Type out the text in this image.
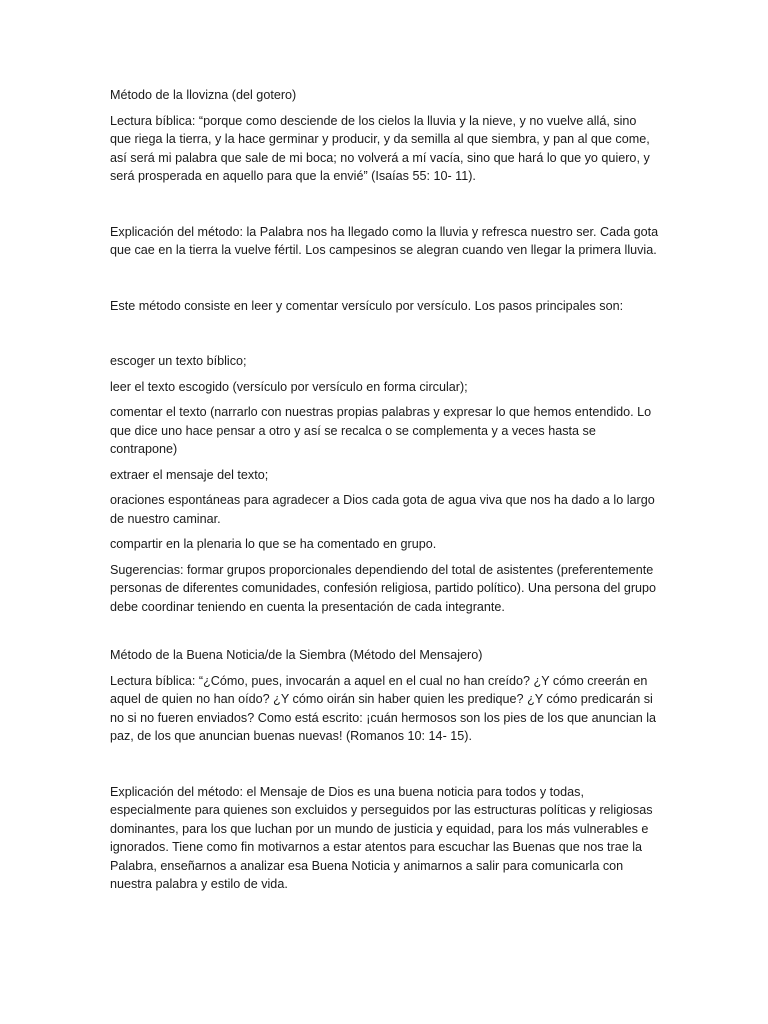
Método de la llovizna (del gotero)

Lectura bíblica: “porque como desciende de los cielos la lluvia y la nieve, y no vuelve allá, sino que riega la tierra, y la hace germinar y producir, y da semilla al que siembra, y pan al que come, así será mi palabra que sale de mi boca; no volverá a mí vacía, sino que hará lo que yo quiero, y será prosperada en aquello para que la envié” (Isaías 55: 10- 11).

Explicación del método: la Palabra nos ha llegado como la lluvia y refresca nuestro ser. Cada gota que cae en la tierra la vuelve fértil. Los campesinos se alegran cuando ven llegar la primera lluvia.

Este método consiste en leer y comentar versículo por versículo. Los pasos principales son:

escoger un texto bíblico;

leer el texto escogido (versículo por versículo en forma circular);

comentar el texto (narrarlo con nuestras propias palabras y expresar lo que hemos entendido. Lo que dice uno hace pensar a otro y así se recalca o se complementa y a veces hasta se contrapone)

extraer el mensaje del texto;

oraciones espontáneas para agradecer a Dios cada gota de agua viva que nos ha dado a lo largo de nuestro caminar.

compartir en la plenaria lo que se ha comentado en grupo.

Sugerencias: formar grupos proporcionales dependiendo del total de asistentes (preferentemente personas de diferentes comunidades, confesión religiosa, partido político). Una persona del grupo debe coordinar teniendo en cuenta la presentación de cada integrante.

Método de la Buena Noticia/de la Siembra (Método del Mensajero)

Lectura bíblica: “¿Cómo, pues, invocarán a aquel en el cual no han creído? ¿Y cómo creerán en aquel de quien no han oído? ¿Y cómo oirán sin haber quien les predique? ¿Y cómo predicarán si no si no fueren enviados? Como está escrito: ¡cuán hermosos son los pies de los que anuncian la paz, de los que anuncian buenas nuevas! (Romanos 10: 14- 15).

Explicación del método: el Mensaje de Dios es una buena noticia para todos y todas, especialmente para quienes son excluidos y perseguidos por las estructuras políticas y religiosas dominantes, para los que luchan por un mundo de justicia y equidad, para los más vulnerables e ignorados. Tiene como fin motivarnos a estar atentos para escuchar las Buenas que nos trae la Palabra, enseñarnos a analizar esa Buena Noticia y animarnos a salir para comunicarla con nuestra palabra y estilo de vida.
